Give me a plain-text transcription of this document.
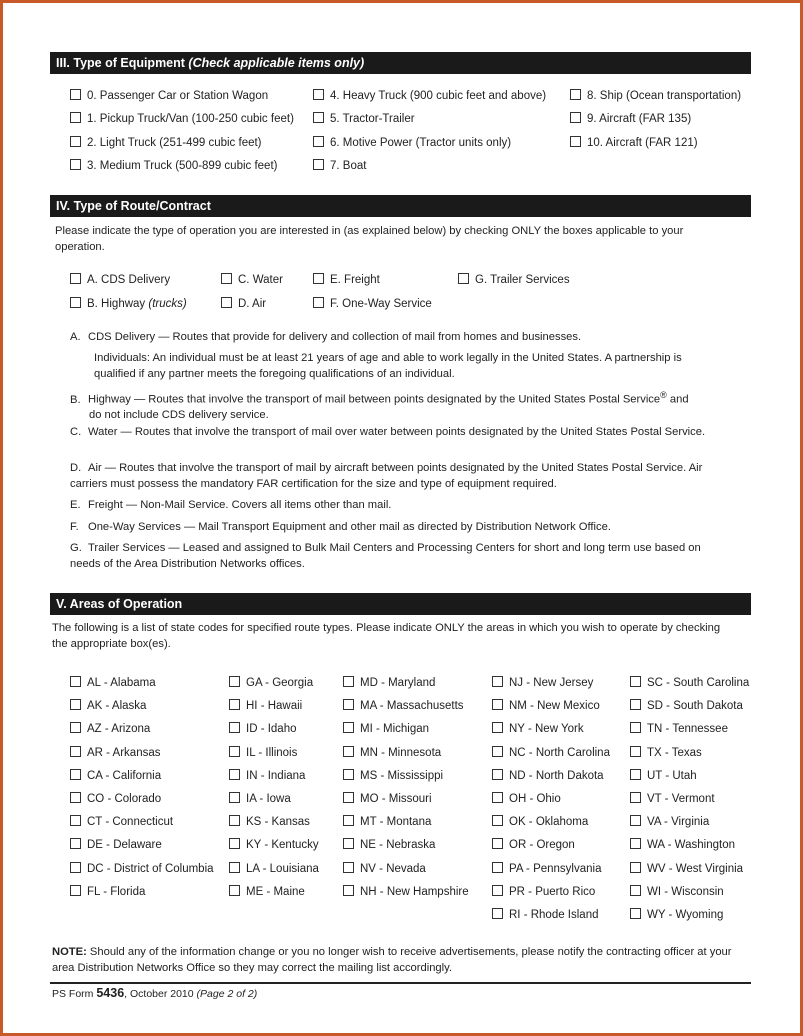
III. Type of Equipment (Check applicable items only)
0. Passenger Car or Station Wagon
1. Pickup Truck/Van (100-250 cubic feet)
2. Light Truck (251-499 cubic feet)
3. Medium Truck (500-899 cubic feet)
4. Heavy Truck (900 cubic feet and above)
5. Tractor-Trailer
6. Motive Power (Tractor units only)
7. Boat
8. Ship (Ocean transportation)
9. Aircraft (FAR 135)
10. Aircraft (FAR 121)
IV. Type of Route/Contract
Please indicate the type of operation you are interested in (as explained below) by checking ONLY the boxes applicable to your operation.
A. CDS Delivery
B. Highway (trucks)
C. Water
D. Air
E. Freight
F. One-Way Service
G. Trailer Services
A. CDS Delivery — Routes that provide for delivery and collection of mail from homes and businesses.
Individuals: An individual must be at least 21 years of age and able to work legally in the United States. A partnership is qualified if any partner meets the foregoing qualifications of an individual.
B. Highway — Routes that involve the transport of mail between points designated by the United States Postal Service® and
do not include CDS delivery service.
C. Water — Routes that involve the transport of mail over water between points designated by the United States Postal Service.
D. Air — Routes that involve the transport of mail by aircraft between points designated by the United States Postal Service. Air carriers must possess the mandatory FAR certification for the size and type of equipment required.
E. Freight — Non-Mail Service. Covers all items other than mail.
F. One-Way Services — Mail Transport Equipment and other mail as directed by Distribution Network Office.
G. Trailer Services — Leased and assigned to Bulk Mail Centers and Processing Centers for short and long term use based on needs of the Area Distribution Networks offices.
V. Areas of Operation
The following is a list of state codes for specified route types. Please indicate ONLY the areas in which you wish to operate by checking the appropriate box(es).
AL - Alabama
AK - Alaska
AZ - Arizona
AR - Arkansas
CA - California
CO - Colorado
CT - Connecticut
DE - Delaware
DC - District of Columbia
FL - Florida
GA - Georgia
HI - Hawaii
ID - Idaho
IL - Illinois
IN - Indiana
IA - Iowa
KS - Kansas
KY - Kentucky
LA - Louisiana
ME - Maine
MD - Maryland
MA - Massachusetts
MI - Michigan
MN - Minnesota
MS - Mississippi
MO - Missouri
MT - Montana
NE - Nebraska
NV - Nevada
NH - New Hampshire
NJ - New Jersey
NM - New Mexico
NY - New York
NC - North Carolina
ND - North Dakota
OH - Ohio
OK - Oklahoma
OR - Oregon
PA - Pennsylvania
PR - Puerto Rico
RI - Rhode Island
SC - South Carolina
SD - South Dakota
TN - Tennessee
TX - Texas
UT - Utah
VT - Vermont
VA - Virginia
WA - Washington
WV - West Virginia
WI - Wisconsin
WY - Wyoming
NOTE: Should any of the information change or you no longer wish to receive advertisements, please notify the contracting officer at your area Distribution Networks Office so they may correct the mailing list accordingly.
PS Form 5436, October 2010 (Page 2 of 2)
